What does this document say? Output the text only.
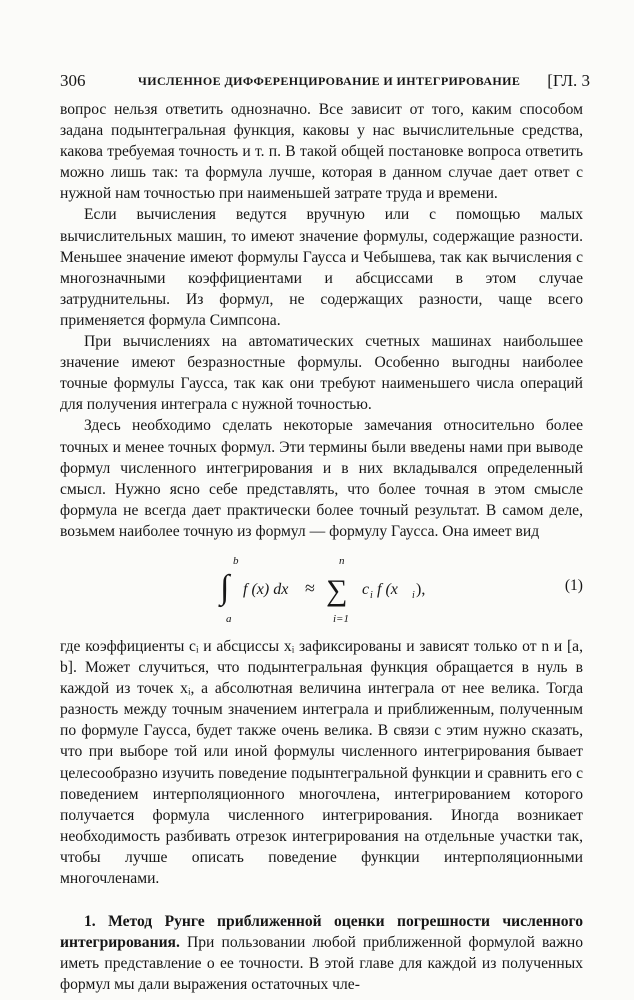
306	ЧИСЛЕННОЕ ДИФФЕРЕНЦИРОВАНИЕ И ИНТЕГРИРОВАНИЕ [ГЛ. 3

вопрос нельзя ответить однозначно. Все зависит от того, каким способом задана подынтегральная функция, каковы у нас вычислительные средства, какова требуемая точность и т. п. В такой общей постановке вопроса ответить можно лишь так: та формула лучше, которая в данном случае дает ответ с нужной нам точностью при наименьшей затрате труда и времени.

Если вычисления ведутся вручную или с помощью малых вычислительных машин, то имеют значение формулы, содержащие разности. Меньшее значение имеют формулы Гаусса и Чебышева, так как вычисления с многозначными коэффициентами и абсциссами в этом случае затруднительны. Из формул, не содержащих разности, чаще всего применяется формула Симпсона.

При вычислениях на автоматических счетных машинах наибольшее значение имеют безразностные формулы. Особенно выгодны наиболее точные формулы Гаусса, так как они требуют наименьшего числа операций для получения интеграла с нужной точностью.

Здесь необходимо сделать некоторые замечания относительно более точных и менее точных формул. Эти термины были введены нами при выводе формул численного интегрирования и в них вкладывался определенный смысл. Нужно ясно себе представлять, что более точная в этом смысле формула не всегда дает практически более точный результат. В самом деле, возьмем наиболее точную из формул — формулу Гаусса. Она имеет вид

b
∫
a
f (x) dx ≈
n
∑
i=1
c i f (x i ),	(1)

где коэффициенты cᵢ и абсциссы xᵢ зафиксированы и зависят только от n и [a, b]. Может случиться, что подынтегральная функция обращается в нуль в каждой из точек xᵢ, а абсолютная величина интеграла от нее велика. Тогда разность между точным значением интеграла и приближенным, полученным по формуле Гаусса, будет также очень велика. В связи с этим нужно сказать, что при выборе той или иной формулы численного интегрирования бывает целесообразно изучить поведение подынтегральной функции и сравнить его с поведением интерполяционного многочлена, интегрированием которого получается формула численного интегрирования. Иногда возникает необходимость разбивать отрезок интегрирования на отдельные участки так, чтобы лучше описать поведение функции интерполяционными многочленами.

1. Метод Рунге приближенной оценки погрешности численного интегрирования. При пользовании любой приближенной формулой важно иметь представление о ее точности. В этой главе для каждой из полученных формул мы дали выражения остаточных чле-
